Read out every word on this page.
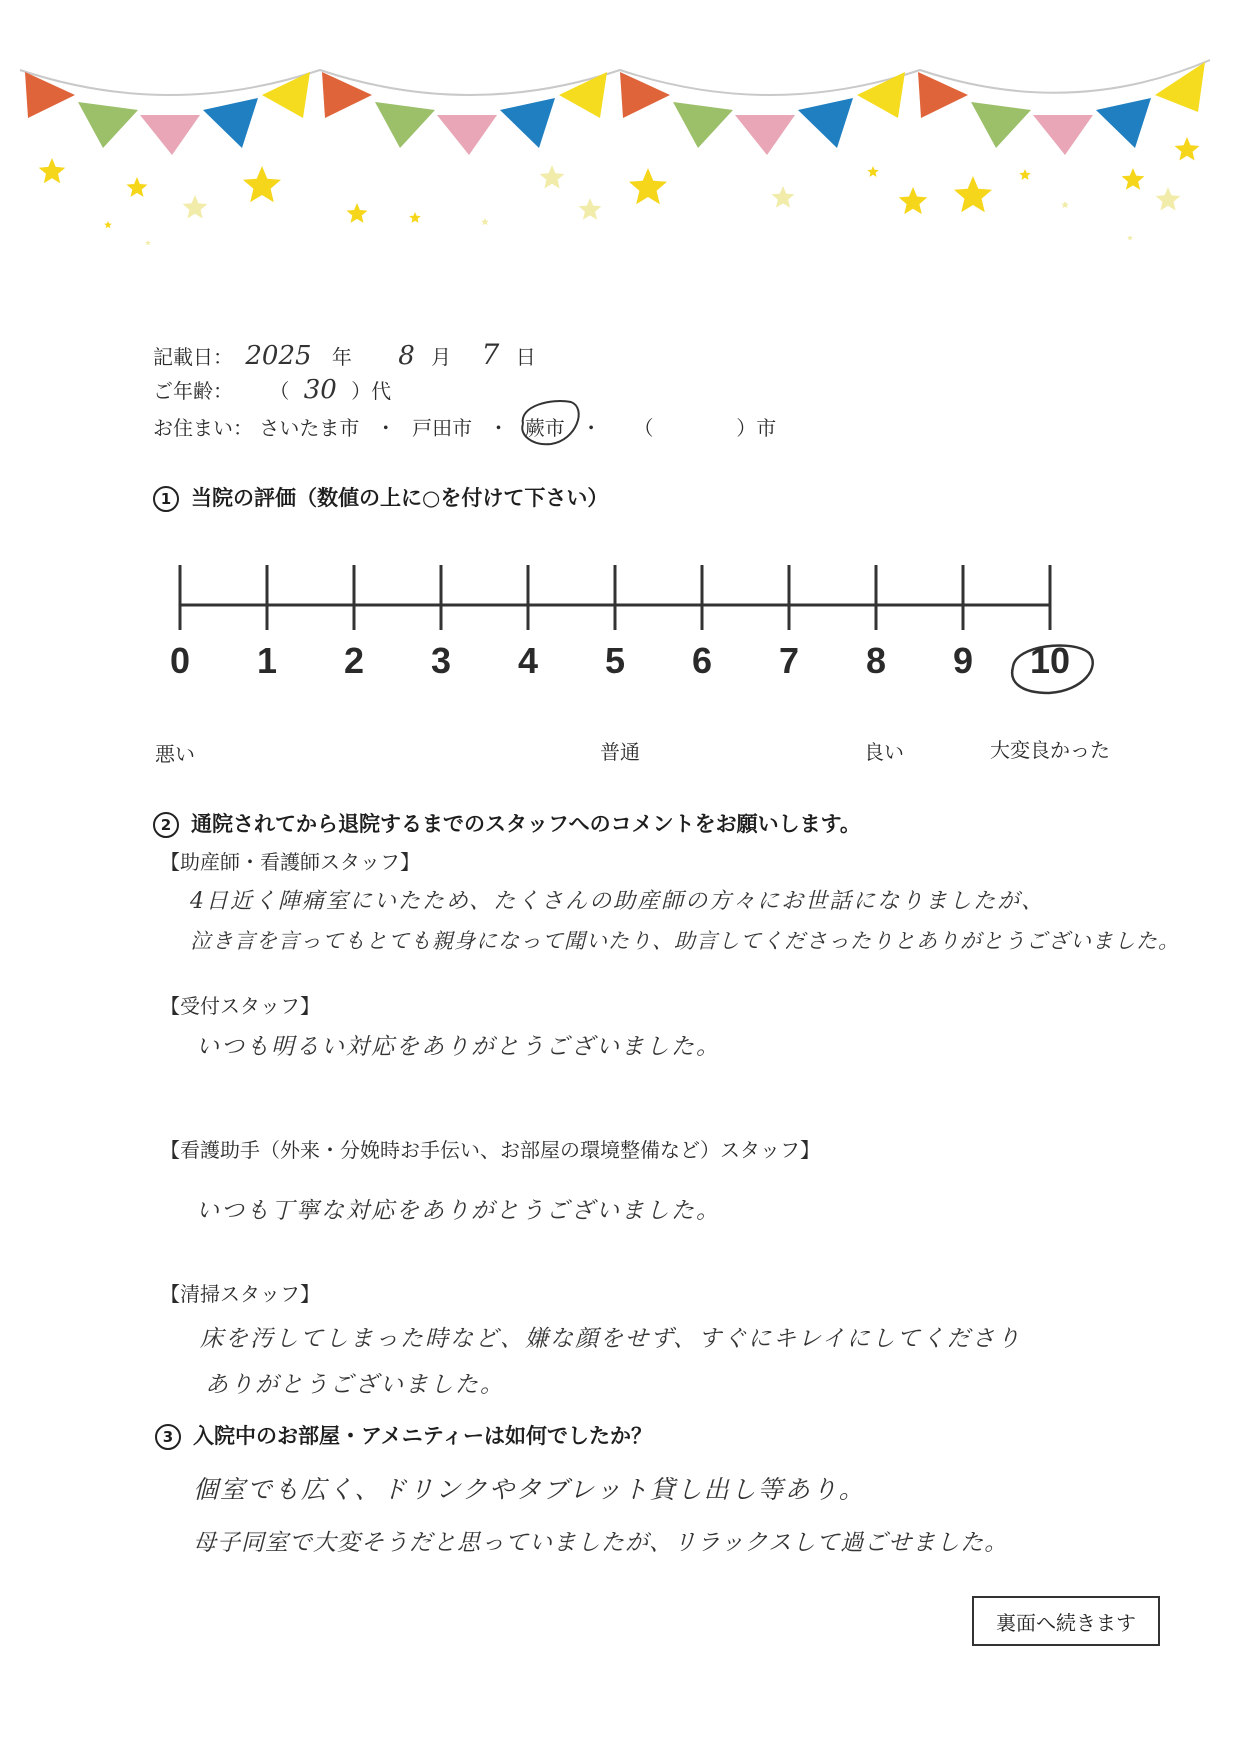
記載日： 2025 年 8 月 7 日
ご年齢： （ 30 ）代
お住まい： さいたま市 ・ 戸田市 ・ 蕨市 ・ （	）市
1 当院の評価（数値の上に○を付けて下さい）
0	1	2	3	4	5	6	7	8	9	10
悪い	普通	良い	大変良かった
2 通院されてから退院するまでのスタッフへのコメントをお願いします。
【助産師・看護師スタッフ】
4日近く陣痛室にいたため、たくさんの助産師の方々にお世話になりましたが、
泣き言を言ってもとても親身になって聞いたり、助言してくださったりとありがとうございました。
【受付スタッフ】
いつも明るい対応をありがとうございました。
【看護助手（外来・分娩時お手伝い、お部屋の環境整備など）スタッフ】
いつも丁寧な対応をありがとうございました。
【清掃スタッフ】
床を汚してしまった時など、嫌な顔をせず、すぐにキレイにしてくださり
ありがとうございました。
3 入院中のお部屋・アメニティーは如何でしたか？
個室でも広く、ドリンクやタブレット貸し出し等あり。
母子同室で大変そうだと思っていましたが、リラックスして過ごせました。
裏面へ続きます
